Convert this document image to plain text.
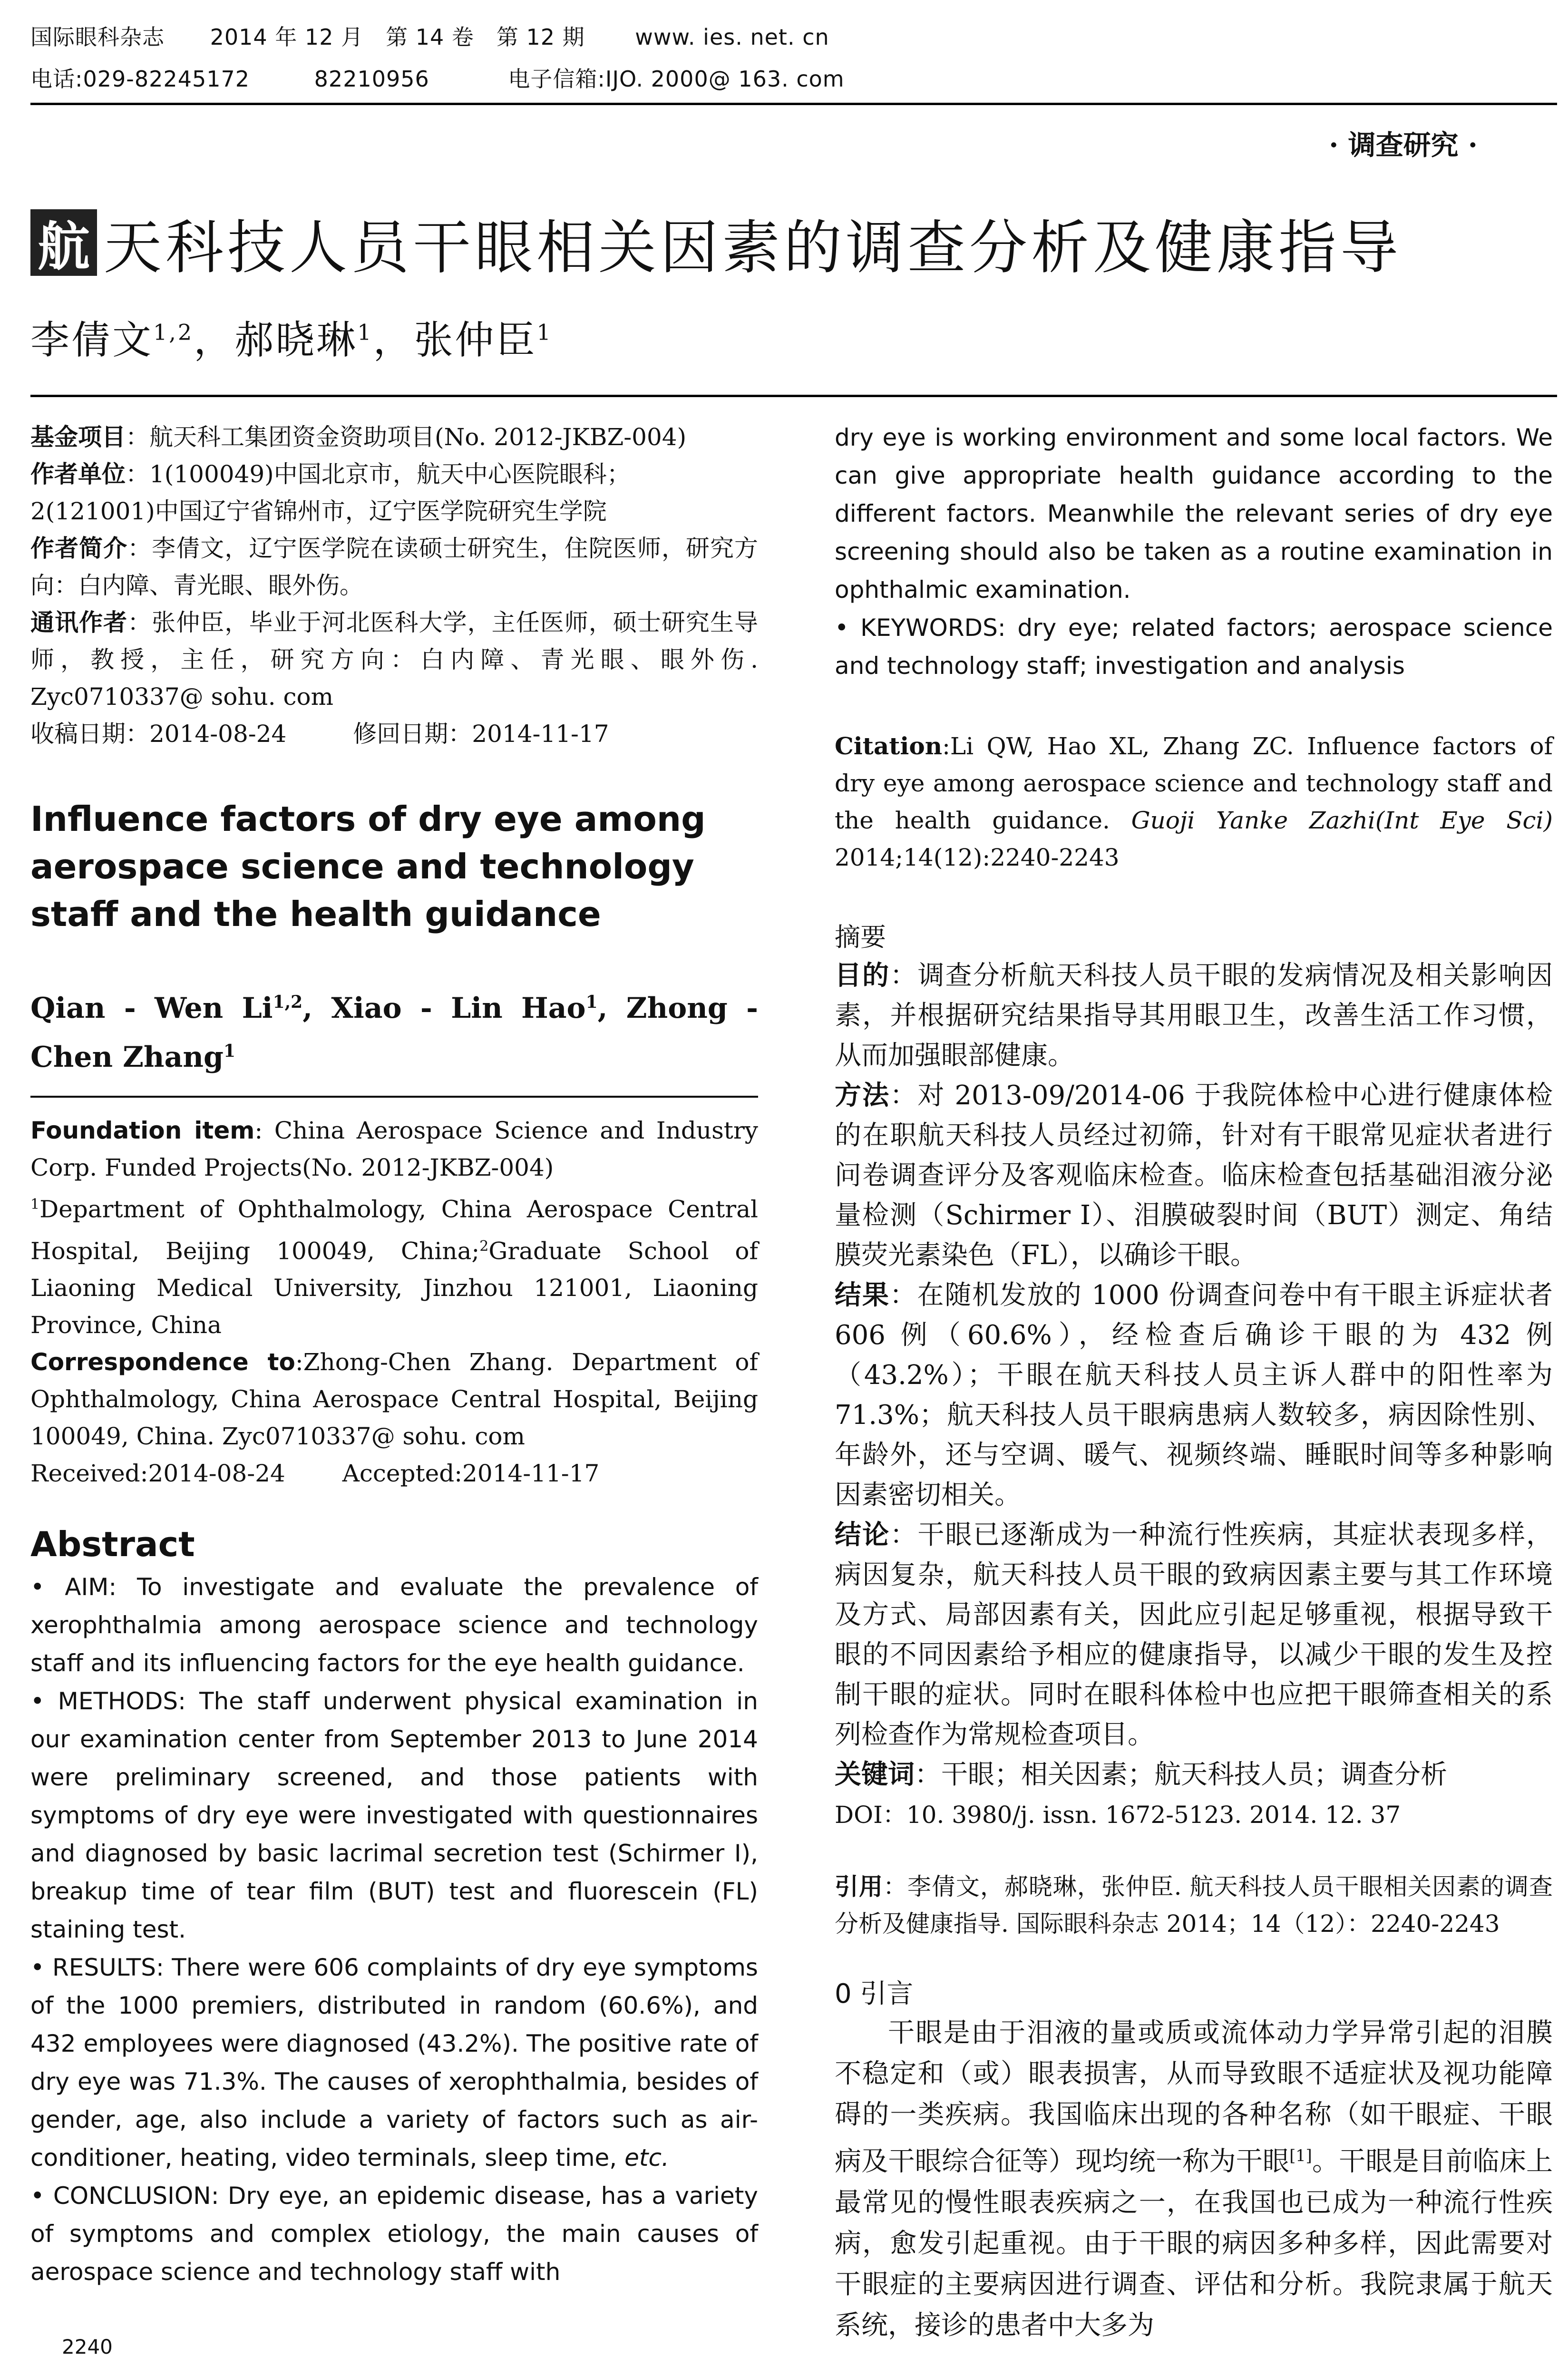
国际眼科杂志 2014 年 12 月　第 14 卷　第 12 期 www. ies. net. cn
电话:029-82245172	82210956	电子信箱:IJO. 2000@ 163. com
· 调查研究 ·
航 天科技人员干眼相关因素的调查分析及健康指导
李倩文$^{1,2}$，郝晓琳$^1$，张仲臣$^1$

基金项目：航天科工集团资金资助项目(No. 2012-JKBZ-004)

作者单位：1(100049)中国北京市，航天中心医院眼科；
2(121001)中国辽宁省锦州市，辽宁医学院研究生学院

作者简介：李倩文，辽宁医学院在读硕士研究生，住院医师，研究方向：白内障、青光眼、眼外伤。

通讯作者：张仲臣，毕业于河北医科大学，主任医师，硕士研究生导师，教授，主任，研究方向：白内障、青光眼、眼外伤. Zyc0710337@ sohu. com

收稿日期：2014-08-24	修回日期：2014-11-17

Influence factors of dry eye among aerospace science and technology staff and the health guidance

Qian - Wen Li$^{1,2}$, Xiao - Lin Hao$^1$, Zhong - Chen Zhang$^1$

Foundation item: China Aerospace Science and Industry Corp. Funded Projects(No. 2012-JKBZ-004)

$^1$Department of Ophthalmology, China Aerospace Central Hospital, Beijing 100049, China;$^2$Graduate School of Liaoning Medical University, Jinzhou 121001, Liaoning Province, China

Correspondence to:Zhong-Chen Zhang. Department of Ophthalmology, China Aerospace Central Hospital, Beijing 100049, China. Zyc0710337@ sohu. com

Received:2014-08-24 Accepted:2014-11-17

Abstract

• AIM: To investigate and evaluate the prevalence of xerophthalmia among aerospace science and technology staff and its influencing factors for the eye health guidance.

• METHODS: The staff underwent physical examination in our examination center from September 2013 to June 2014 were preliminary screened, and those patients with symptoms of dry eye were investigated with questionnaires and diagnosed by basic lacrimal secretion test (Schirmer I), breakup time of tear film (BUT) test and fluorescein (FL) staining test.

• RESULTS: There were 606 complaints of dry eye symptoms of the 1000 premiers, distributed in random (60.6%), and 432 employees were diagnosed (43.2%). The positive rate of dry eye was 71.3%. The causes of xerophthalmia, besides of gender, age, also include a variety of factors such as air-conditioner, heating, video terminals, sleep time, etc.

• CONCLUSION: Dry eye, an epidemic disease, has a variety of symptoms and complex etiology, the main causes of aerospace science and technology staff with

dry eye is working environment and some local factors. We can give appropriate health guidance according to the different factors. Meanwhile the relevant series of dry eye screening should also be taken as a routine examination in ophthalmic examination.

• KEYWORDS: dry eye; related factors; aerospace science and technology staff; investigation and analysis

Citation:Li QW, Hao XL, Zhang ZC. Influence factors of dry eye among aerospace science and technology staff and the health guidance. Guoji Yanke Zazhi(Int Eye Sci) 2014;14(12):2240-2243

摘要

目的：调查分析航天科技人员干眼的发病情况及相关影响因素，并根据研究结果指导其用眼卫生，改善生活工作习惯，从而加强眼部健康。

方法：对 2013-09/2014-06 于我院体检中心进行健康体检的在职航天科技人员经过初筛，针对有干眼常见症状者进行问卷调查评分及客观临床检查。临床检查包括基础泪液分泌量检测（Schirmer Ⅰ）、泪膜破裂时间（BUT）测定、角结膜荧光素染色（FL），以确诊干眼。

结果：在随机发放的 1000 份调查问卷中有干眼主诉症状者 606 例（60.6%），经检查后确诊干眼的为 432 例（43.2%）；干眼在航天科技人员主诉人群中的阳性率为 71.3%；航天科技人员干眼病患病人数较多，病因除性别、年龄外，还与空调、暖气、视频终端、睡眠时间等多种影响因素密切相关。

结论：干眼已逐渐成为一种流行性疾病，其症状表现多样，病因复杂，航天科技人员干眼的致病因素主要与其工作环境及方式、局部因素有关，因此应引起足够重视，根据导致干眼的不同因素给予相应的健康指导，以减少干眼的发生及控制干眼的症状。同时在眼科体检中也应把干眼筛查相关的系列检查作为常规检查项目。

关键词：干眼；相关因素；航天科技人员；调查分析

DOI：10. 3980/j. issn. 1672-5123. 2014. 12. 37

引用：李倩文，郝晓琳，张仲臣. 航天科技人员干眼相关因素的调查分析及健康指导. 国际眼科杂志 2014；14（12）：2240-2243

0 引言

干眼是由于泪液的量或质或流体动力学异常引起的泪膜不稳定和（或）眼表损害，从而导致眼不适症状及视功能障碍的一类疾病。我国临床出现的各种名称（如干眼症、干眼病及干眼综合征等）现均统一称为干眼[1]。干眼是目前临床上最常见的慢性眼表疾病之一，在我国也已成为一种流行性疾病，愈发引起重视。由于干眼的病因多种多样，因此需要对干眼症的主要病因进行调查、评估和分析。我院隶属于航天系统，接诊的患者中大多为

2240
